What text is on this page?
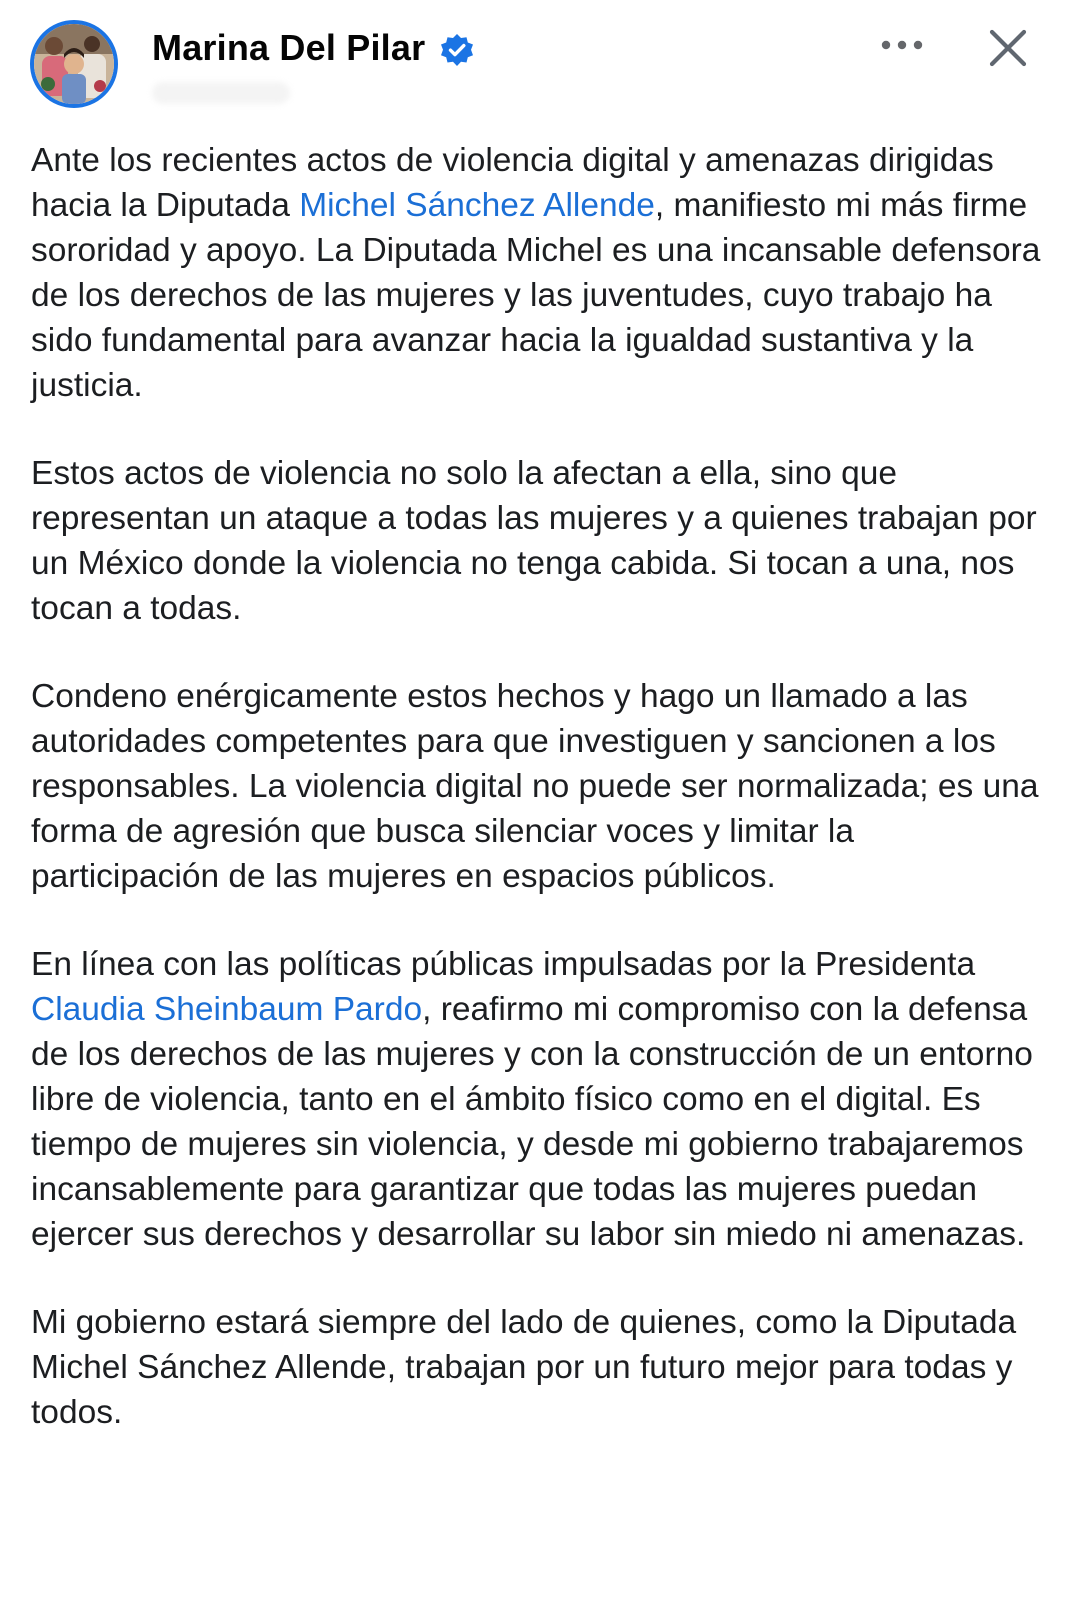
Marina Del Pilar

Ante los recientes actos de violencia digital y amenazas dirigidas hacia la Diputada Michel Sánchez Allende, manifiesto mi más firme sororidad y apoyo. La Diputada Michel es una incansable defensora de los derechos de las mujeres y las juventudes, cuyo trabajo ha sido fundamental para avanzar hacia la igualdad sustantiva y la justicia.

Estos actos de violencia no solo la afectan a ella, sino que representan un ataque a todas las mujeres y a quienes trabajan por un México donde la violencia no tenga cabida. Si tocan a una, nos tocan a todas.

Condeno enérgicamente estos hechos y hago un llamado a las autoridades competentes para que investiguen y sancionen a los responsables. La violencia digital no puede ser normalizada; es una forma de agresión que busca silenciar voces y limitar la participación de las mujeres en espacios públicos.

En línea con las políticas públicas impulsadas por la Presidenta Claudia Sheinbaum Pardo, reafirmo mi compromiso con la defensa de los derechos de las mujeres y con la construcción de un entorno libre de violencia, tanto en el ámbito físico como en el digital. Es tiempo de mujeres sin violencia, y desde mi gobierno trabajaremos incansablemente para garantizar que todas las mujeres puedan ejercer sus derechos y desarrollar su labor sin miedo ni amenazas.

Mi gobierno estará siempre del lado de quienes, como la Diputada Michel Sánchez Allende, trabajan por un futuro mejor para todas y todos.
